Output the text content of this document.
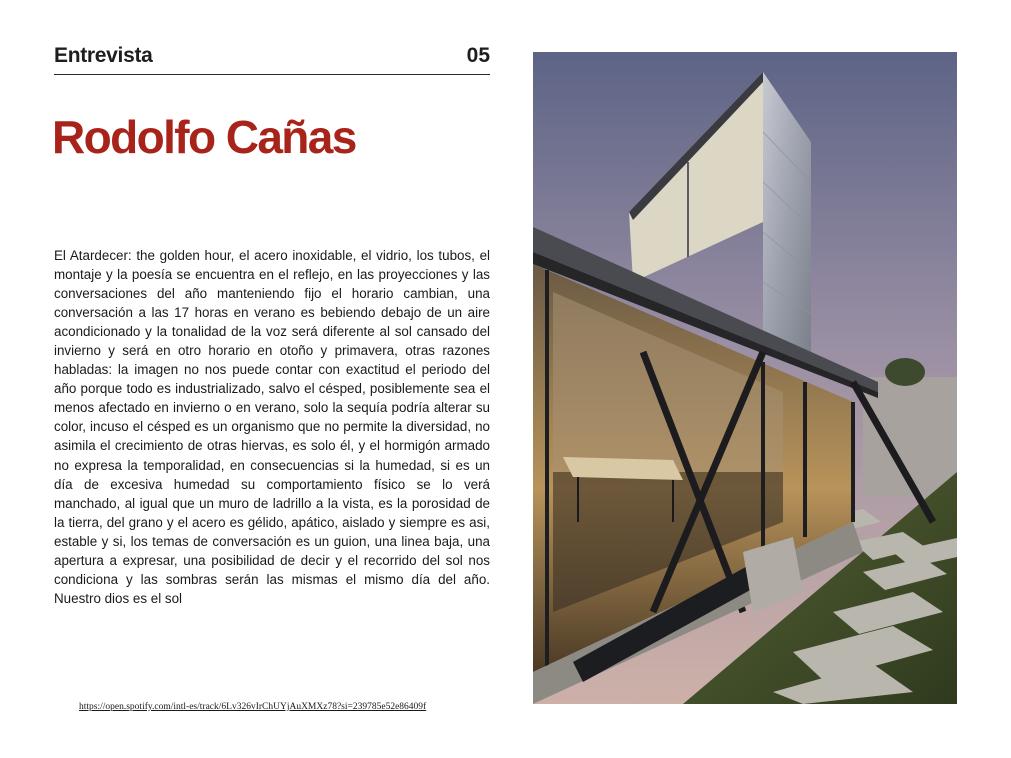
Entrevista	05
Rodolfo Cañas

El Atardecer: the golden hour, el acero inoxidable, el vidrio, los tubos, el montaje y la poesía se encuentra en el reflejo, en las proyecciones y las conversaciones del año manteniendo fijo el horario cambian, una conversación a las 17 horas en verano es bebiendo debajo de un aire acondicionado y la tonalidad de la voz será diferente al sol cansado del invierno y será en otro horario en otoño y primavera, otras razones habladas: la imagen no nos puede contar con exactitud el periodo del año porque todo es industrializado, salvo el césped, posiblemente sea el menos afectado en invierno o en verano, solo la sequía podría alterar su color, incuso el césped es un organismo que no permite la diversidad, no asimila el crecimiento de otras hiervas, es solo él, y el hormigón armado no expresa la temporalidad, en consecuencias si la humedad, si es un día de excesiva humedad su comportamiento físico se lo verá manchado, al igual que un muro de ladrillo a la vista, es la porosidad de la tierra, del grano y el acero es gélido, apático, aislado y siempre es asi, estable y si, los temas de conversación es un guion, una linea baja, una apertura a expresar, una posibilidad de decir y el recorrido del sol nos condiciona y las sombras serán las mismas el mismo día del año. Nuestro dios es el sol

https://open.spotify.com/intl-es/track/6Lv326vIrChUYjAuXMXz78?si=239785e52e86409f
